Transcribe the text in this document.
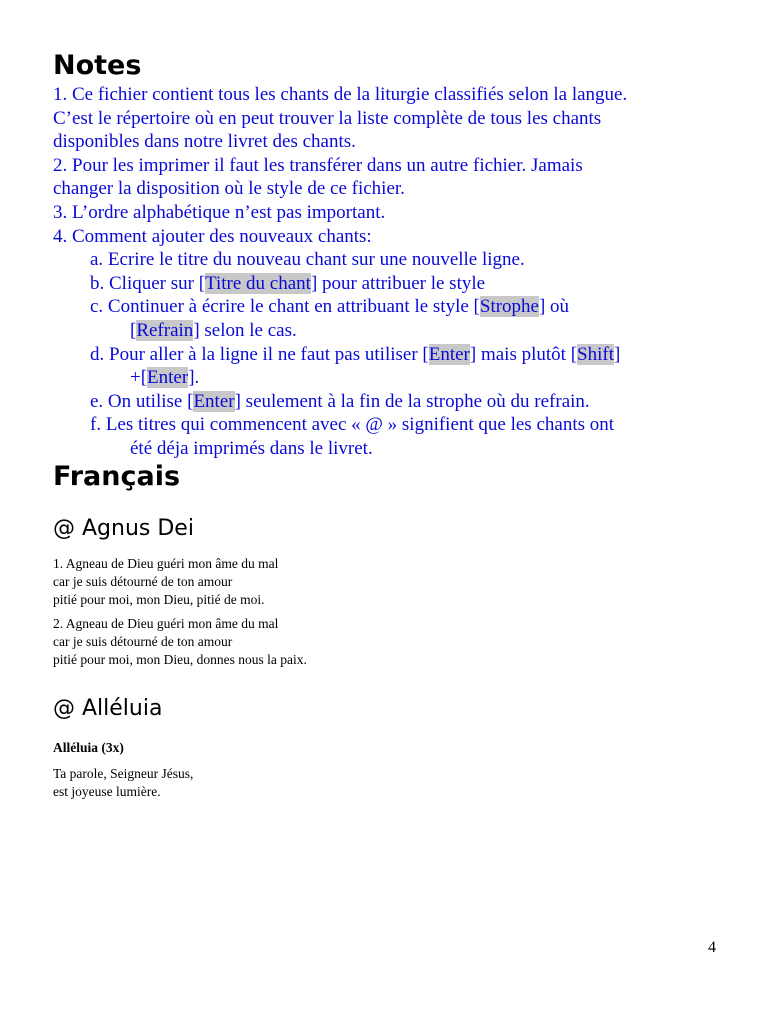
Notes
1. Ce fichier contient tous les chants de la liturgie classifiés selon la langue.
C’est le répertoire où en peut trouver la liste complète de tous les chants
disponibles dans notre livret des chants.
2. Pour les imprimer il faut les transférer dans un autre fichier. Jamais
changer la disposition où le style de ce fichier.
3. L’ordre alphabétique n’est pas important.
4. Comment ajouter des nouveaux chants:
a. Ecrire le titre du nouveau chant sur une nouvelle ligne.
b. Cliquer sur [Titre du chant] pour attribuer le style
c. Continuer à écrire le chant en attribuant le style [Strophe] où
[Refrain] selon le cas.
d. Pour aller à la ligne il ne faut pas utiliser [Enter] mais plutôt [Shift]
+[Enter].
e. On utilise [Enter] seulement à la fin de la strophe où du refrain.
f. Les titres qui commencent avec « @ » signifient que les chants ont
été déja imprimés dans le livret.
Français
@ Agnus Dei
1. Agneau de Dieu guéri mon âme du mal
car je suis détourné de ton amour
pitié pour moi, mon Dieu, pitié de moi.
2. Agneau de Dieu guéri mon âme du mal
car je suis détourné de ton amour
pitié pour moi, mon Dieu, donnes nous la paix.
@ Alléluia
Alléluia (3x)
Ta parole, Seigneur Jésus,
est joyeuse lumière.
4
